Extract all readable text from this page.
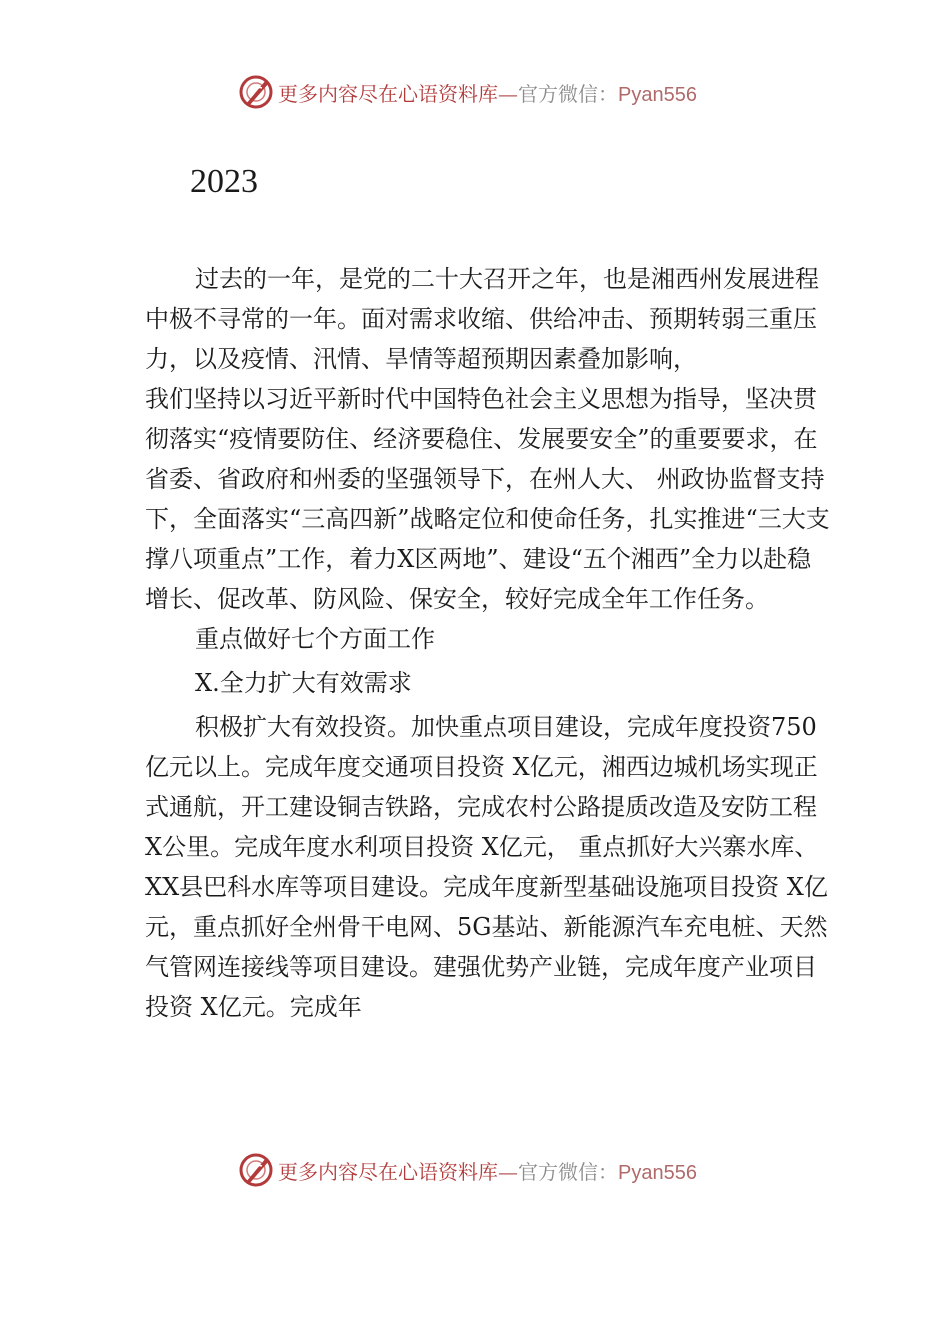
更多内容尽在心语资料库—官方微信：Pyan556
2023

过去的一年，是党的二十大召开之年，也是湘西州发展进程中极不寻常的一年。面对需求收缩、供给冲击、预期转弱三重压力，以及疫情、汛情、旱情等超预期因素叠加影响，

我们坚持以习近平新时代中国特色社会主义思想为指导，坚决贯彻落实“疫情要防住、经济要稳住、发展要安全”的重要要求，在省委、省政府和州委的坚强领导下，在州人大、 州政协监督支持下，全面落实“三高四新”战略定位和使命任务，扎实推进“三大支撑八项重点”工作，着力X区两地”、建设“五个湘西”全力以赴稳增长、促改革、防风险、保安全，较好完成全年工作任务。

重点做好七个方面工作

X.全力扩大有效需求

积极扩大有效投资。加快重点项目建设，完成年度投资750亿元以上。完成年度交通项目投资 X亿元，湘西边城机场实现正式通航，开工建设铜吉铁路，完成农村公路提质改造及安防工程 X公里。完成年度水利项目投资 X亿元， 重点抓好大兴寨水库、XX县巴科水库等项目建设。完成年度新型基础设施项目投资 X亿元，重点抓好全州骨干电网、5G基站、新能源汽车充电桩、天然气管网连接线等项目建设。建强优势产业链，完成年度产业项目投资 X亿元。完成年

更多内容尽在心语资料库—官方微信：Pyan556
